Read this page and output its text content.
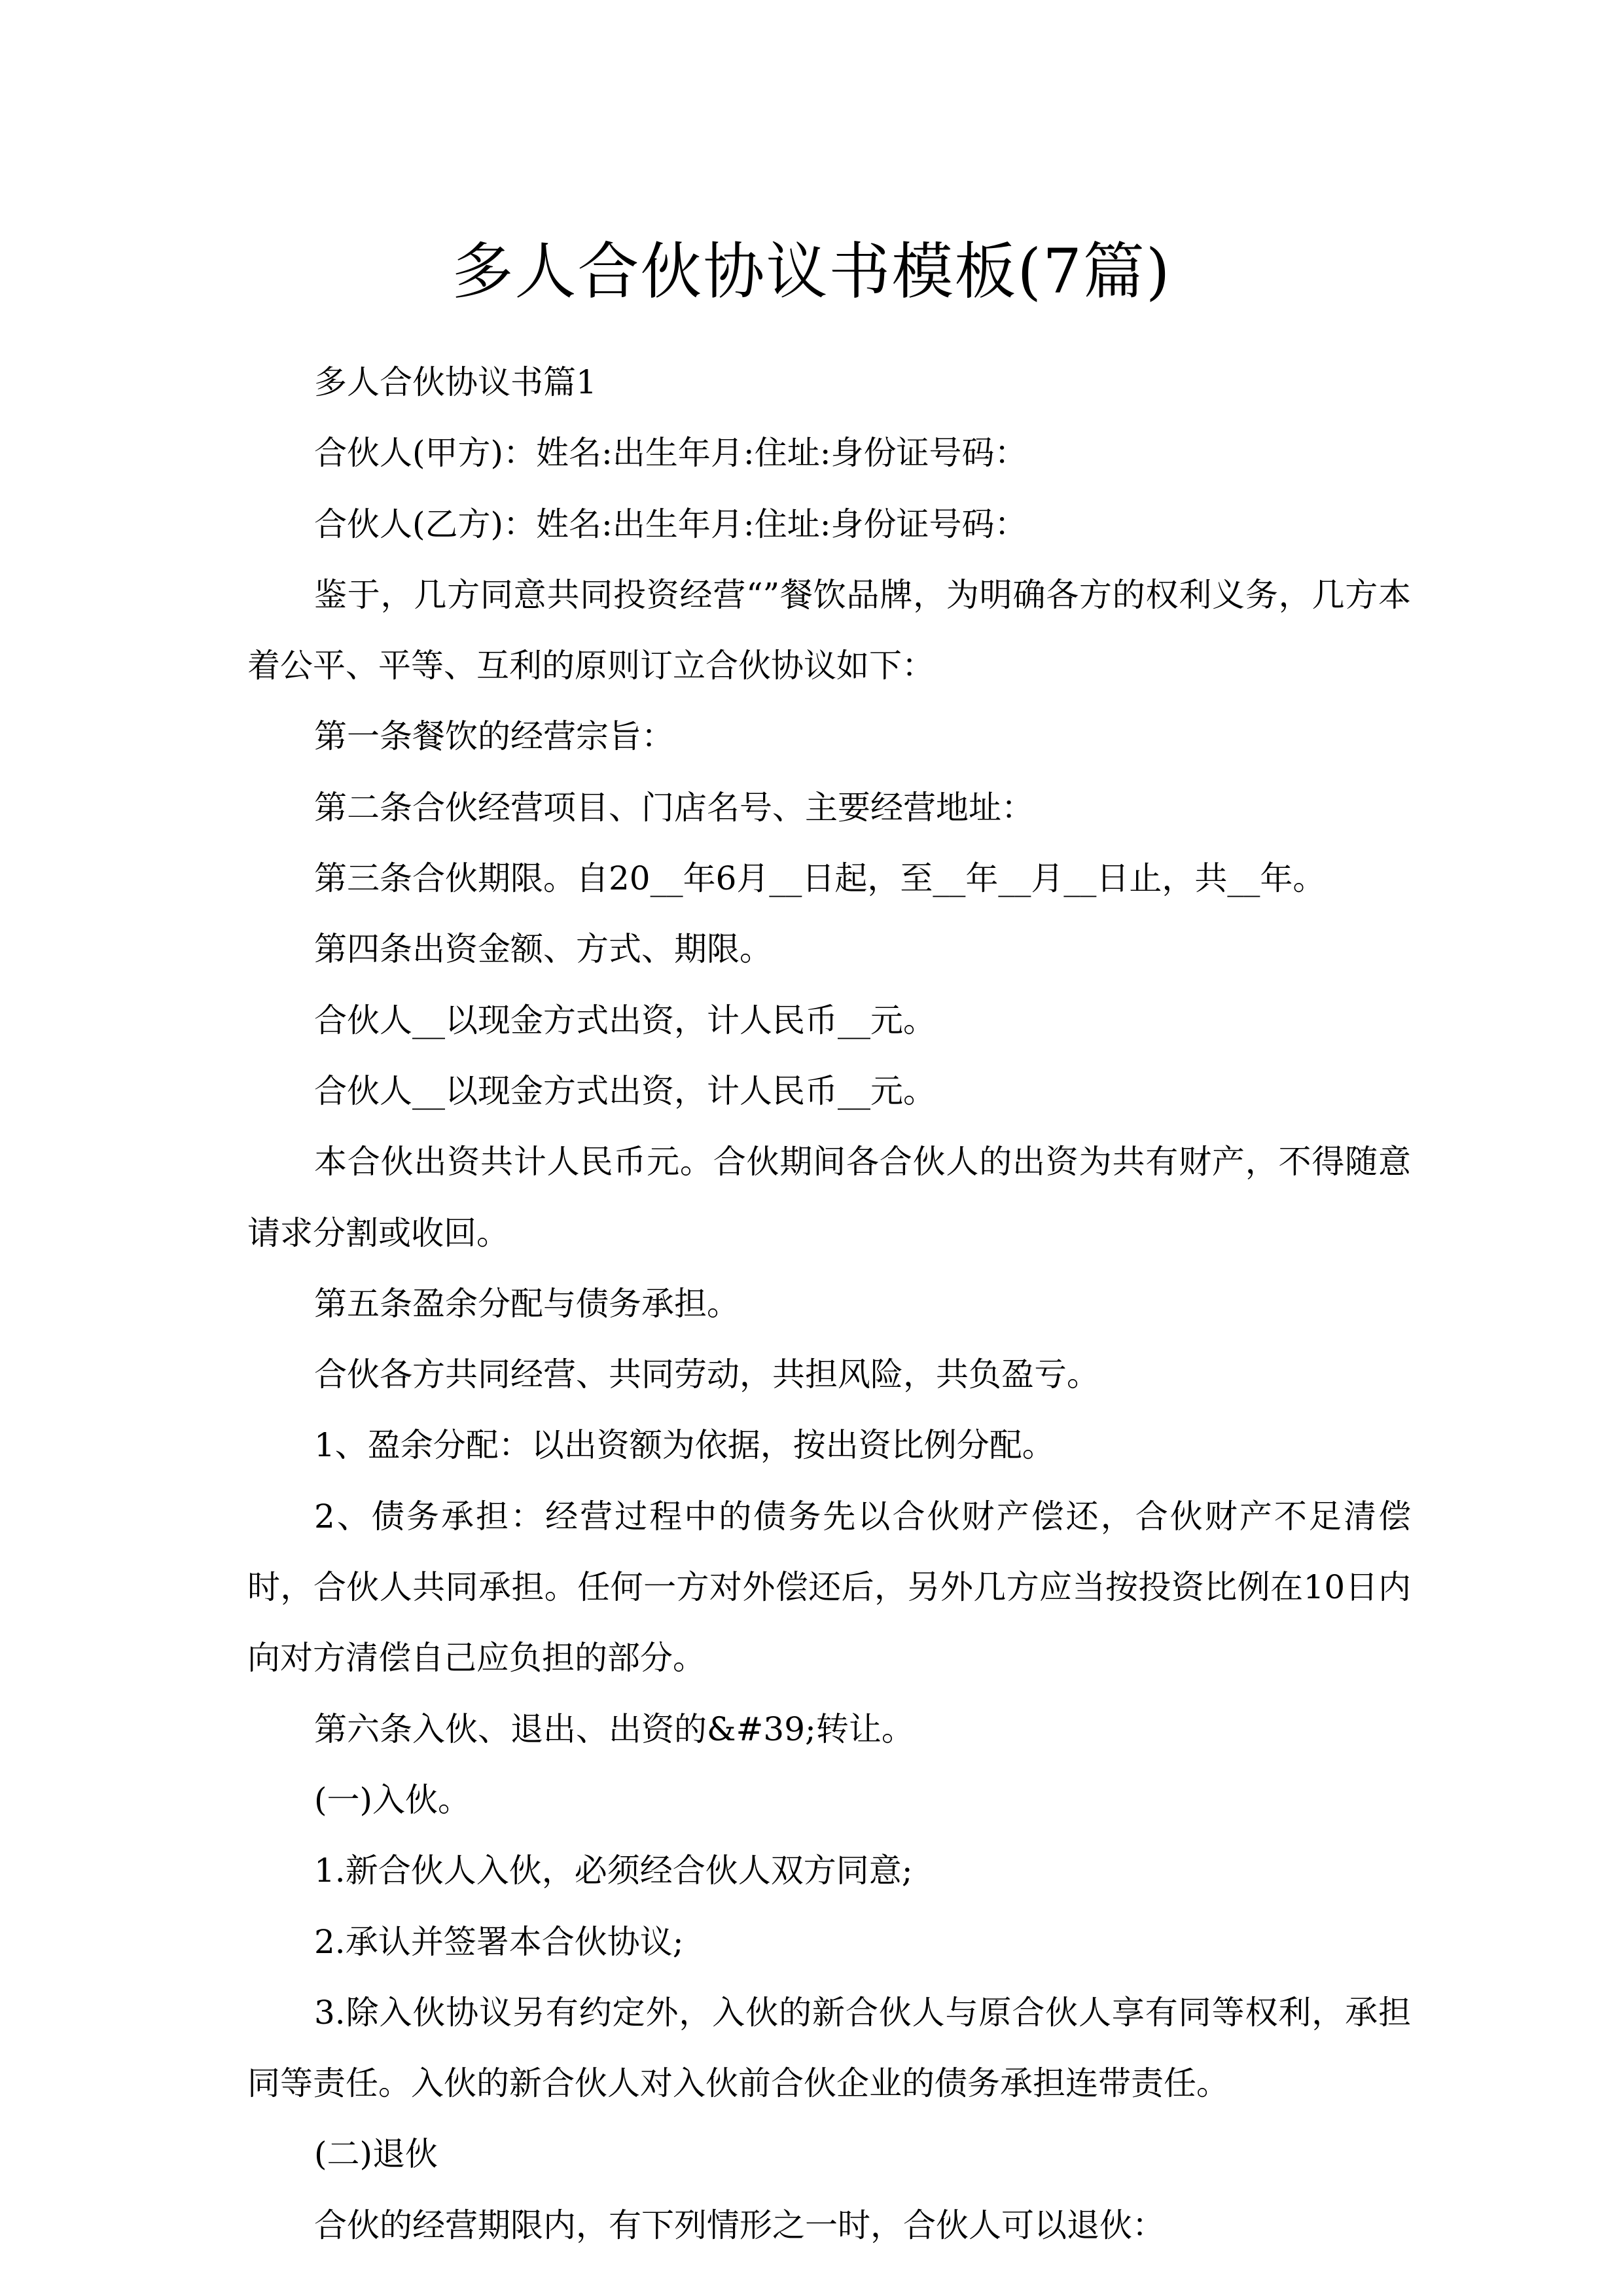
多人合伙协议书模板(7篇)

多人合伙协议书篇1

合伙人(甲方)：姓名:出生年月:住址:身份证号码：

合伙人(乙方)：姓名:出生年月:住址:身份证号码：

鉴于，几方同意共同投资经营“”餐饮品牌，为明确各方的权利义务，几方本着公平、平等、互利的原则订立合伙协议如下：

第一条餐饮的经营宗旨：

第二条合伙经营项目、门店名号、主要经营地址：

第三条合伙期限。自20__年6月__日起，至__年__月__日止，共__年。

第四条出资金额、方式、期限。

合伙人__以现金方式出资，计人民币__元。

合伙人__以现金方式出资，计人民币__元。

本合伙出资共计人民币元。合伙期间各合伙人的出资为共有财产，不得随意请求分割或收回。

第五条盈余分配与债务承担。

合伙各方共同经营、共同劳动，共担风险，共负盈亏。

1、盈余分配：以出资额为依据，按出资比例分配。

2、债务承担：经营过程中的债务先以合伙财产偿还，合伙财产不足清偿时，合伙人共同承担。任何一方对外偿还后，另外几方应当按投资比例在10日内向对方清偿自己应负担的部分。

第六条入伙、退出、出资的&#39;转让。

(一)入伙。

1.新合伙人入伙，必须经合伙人双方同意;

2.承认并签署本合伙协议;

3.除入伙协议另有约定外，入伙的新合伙人与原合伙人享有同等权利，承担同等责任。入伙的新合伙人对入伙前合伙企业的债务承担连带责任。

(二)退伙

合伙的经营期限内，有下列情形之一时，合伙人可以退伙：
